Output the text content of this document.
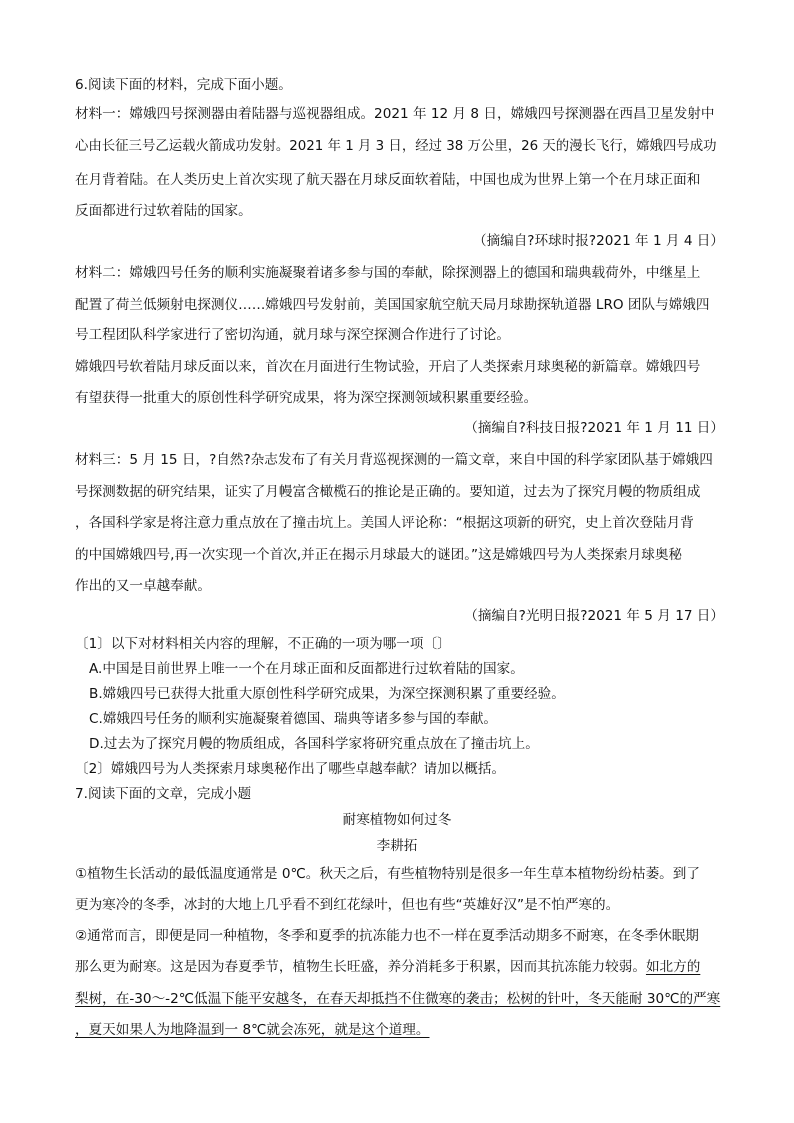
6.阅读下面的材料，完成下面小题。
材料一：嫦娥四号探测器由着陆器与巡视器组成。2021 年 12 月 8 日，嫦娥四号探测器在西昌卫星发射中
心由长征三号乙运载火箭成功发射。2021 年 1 月 3 日，经过 38 万公里，26 天的漫长飞行，嫦娥四号成功
在月背着陆。在人类历史上首次实现了航天器在月球反面软着陆，中国也成为世界上第一个在月球正面和
反面都进行过软着陆的国家。
（摘编自?环球时报?2021 年 1 月 4 日）
材料二：嫦娥四号任务的顺利实施凝聚着诸多参与国的奉献，除探测器上的德国和瑞典载荷外，中继星上
配置了荷兰低频射电探测仪……嫦娥四号发射前，美国国家航空航天局月球勘探轨道器 LRO 团队与嫦娥四
号工程团队科学家进行了密切沟通，就月球与深空探测合作进行了讨论。
嫦娥四号软着陆月球反面以来，首次在月面进行生物试验，开启了人类探索月球奥秘的新篇章。嫦娥四号
有望获得一批重大的原创性科学研究成果，将为深空探测领域积累重要经验。
（摘编自?科技日报?2021 年 1 月 11 日）
材料三：5 月 15 日，?自然?杂志发布了有关月背巡视探测的一篇文章，来自中国的科学家团队基于嫦娥四
号探测数据的研究结果，证实了月幔富含橄榄石的推论是正确的。要知道，过去为了探究月幔的物质组成
，各国科学家是将注意力重点放在了撞击坑上。美国人评论称：“根据这项新的研究，史上首次登陆月背
的中国嫦娥四号,再一次实现一个首次,并正在揭示月球最大的谜团。”这是嫦娥四号为人类探索月球奥秘
作出的又一卓越奉献。
（摘编自?光明日报?2021 年 5 月 17 日）
〔1〕以下对材料相关内容的理解，不正确的一项为哪一项〔〕
A.中国是目前世界上唯一一个在月球正面和反面都进行过软着陆的国家。
B.嫦娥四号已获得大批重大原创性科学研究成果，为深空探测积累了重要经验。
C.嫦娥四号任务的顺利实施凝聚着德国、瑞典等诸多参与国的奉献。
D.过去为了探究月幔的物质组成，各国科学家将研究重点放在了撞击坑上。
〔2〕嫦娥四号为人类探索月球奥秘作出了哪些卓越奉献？请加以概括。
7.阅读下面的文章，完成小题
耐寒植物如何过冬
李耕拓
①植物生长活动的最低温度通常是 0℃。秋天之后，有些植物特别是很多一年生草本植物纷纷枯萎。到了
更为寒冷的冬季，冰封的大地上几乎看不到红花绿叶，但也有些“英雄好汉”是不怕严寒的。
②通常而言，即便是同一种植物，冬季和夏季的抗冻能力也不一样在夏季活动期多不耐寒，在冬季休眠期
那么更为耐寒。这是因为春夏季节，植物生长旺盛，养分消耗多于积累，因而其抗冻能力较弱。如北方的
梨树，在-30～-2℃低温下能平安越冬，在春天却抵挡不住微寒的袭击；松树的针叶，冬天能耐 30℃的严寒
，夏天如果人为地降温到一 8℃就会冻死，就是这个道理。
